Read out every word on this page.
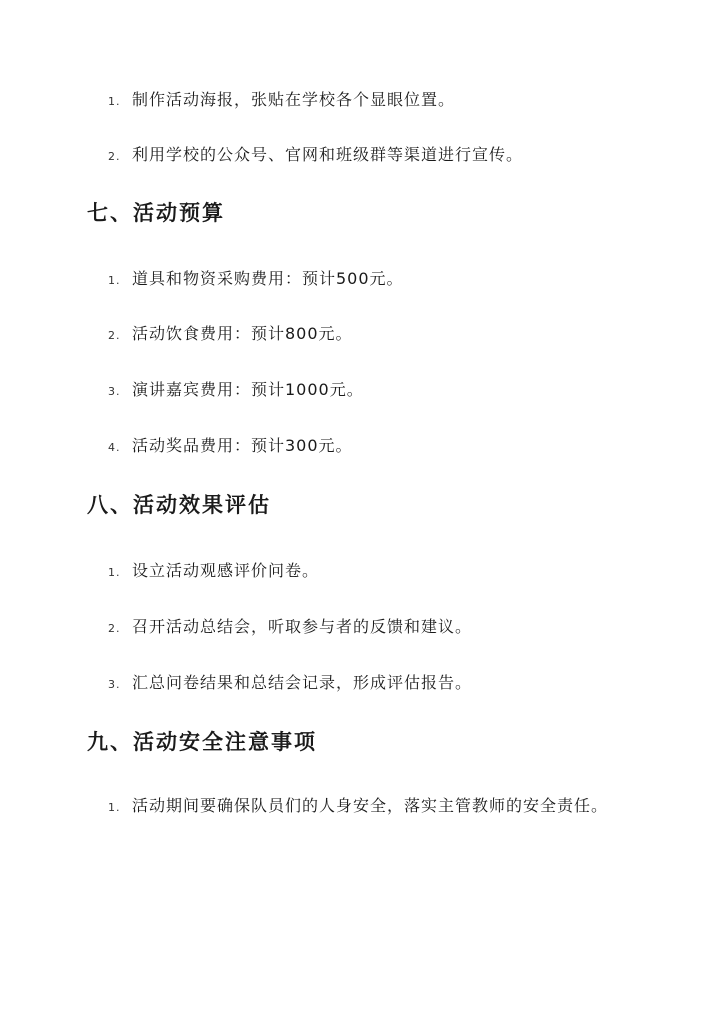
1. 制作活动海报，张贴在学校各个显眼位置。
2. 利用学校的公众号、官网和班级群等渠道进行宣传。
七、活动预算
1. 道具和物资采购费用：预计500元。
2. 活动饮食费用：预计800元。
3. 演讲嘉宾费用：预计1000元。
4. 活动奖品费用：预计300元。
八、活动效果评估
1. 设立活动观感评价问卷。
2. 召开活动总结会，听取参与者的反馈和建议。
3. 汇总问卷结果和总结会记录，形成评估报告。
九、活动安全注意事项
1. 活动期间要确保队员们的人身安全，落实主管教师的安全责任。
